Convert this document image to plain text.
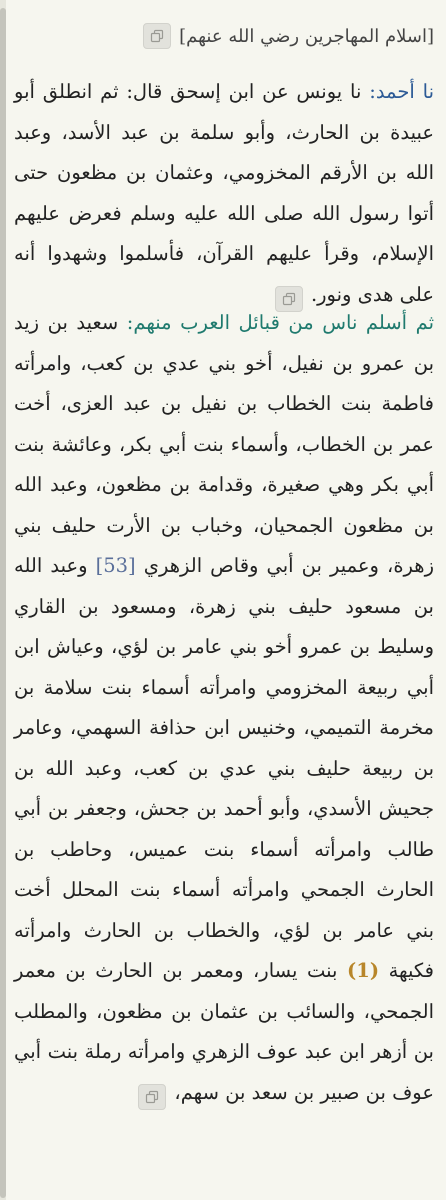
[اسلام المهاجرين رضي الله عنهم]

نا أحمد: نا يونس عن ابن إسحق قال: ثم انطلق أبو عبيدة بن الحارث، وأبو سلمة بن عبد الأسد، وعبد الله بن الأرقم المخزومي، وعثمان بن مظعون حتى أتوا رسول الله صلى الله عليه وسلم فعرض عليهم الإسلام، وقرأ عليهم القرآن، فأسلموا وشهدوا أنه على هدى ونور.

ثم أسلم ناس من قبائل العرب منهم: سعيد بن زيد بن عمرو بن نفيل، أخو بني عدي بن كعب، وامرأته فاطمة بنت الخطاب بن نفيل بن عبد العزى، أخت عمر بن الخطاب، وأسماء بنت أبي بكر، وعائشة بنت أبي بكر وهي صغيرة، وقدامة بن مظعون، وعبد الله بن مظعون الجمحيان، وخباب بن الأرت حليف بني زهرة، وعمير بن أبي وقاص الزهري [53] وعبد الله بن مسعود حليف بني زهرة، ومسعود بن القاري وسليط بن عمرو أخو بني عامر بن لؤي، وعياش ابن أبي ربيعة المخزومي وامرأته أسماء بنت سلامة بن مخرمة التميمي، وخنيس ابن حذافة السهمي، وعامر بن ربيعة حليف بني عدي بن كعب، وعبد الله بن جحيش الأسدي، وأبو أحمد بن جحش، وجعفر بن أبي طالب وامرأته أسماء بنت عميس، وحاطب بن الحارث الجمحي وامرأته أسماء بنت المحلل أخت بني عامر بن لؤي، والخطاب بن الحارث وامرأته فكيهة (1) بنت يسار، ومعمر بن الحارث بن معمر الجمحي، والسائب بن عثمان بن مظعون، والمطلب بن أزهر ابن عبد عوف الزهري وامرأته رملة بنت أبي عوف بن صبير بن سعد بن سهم،
